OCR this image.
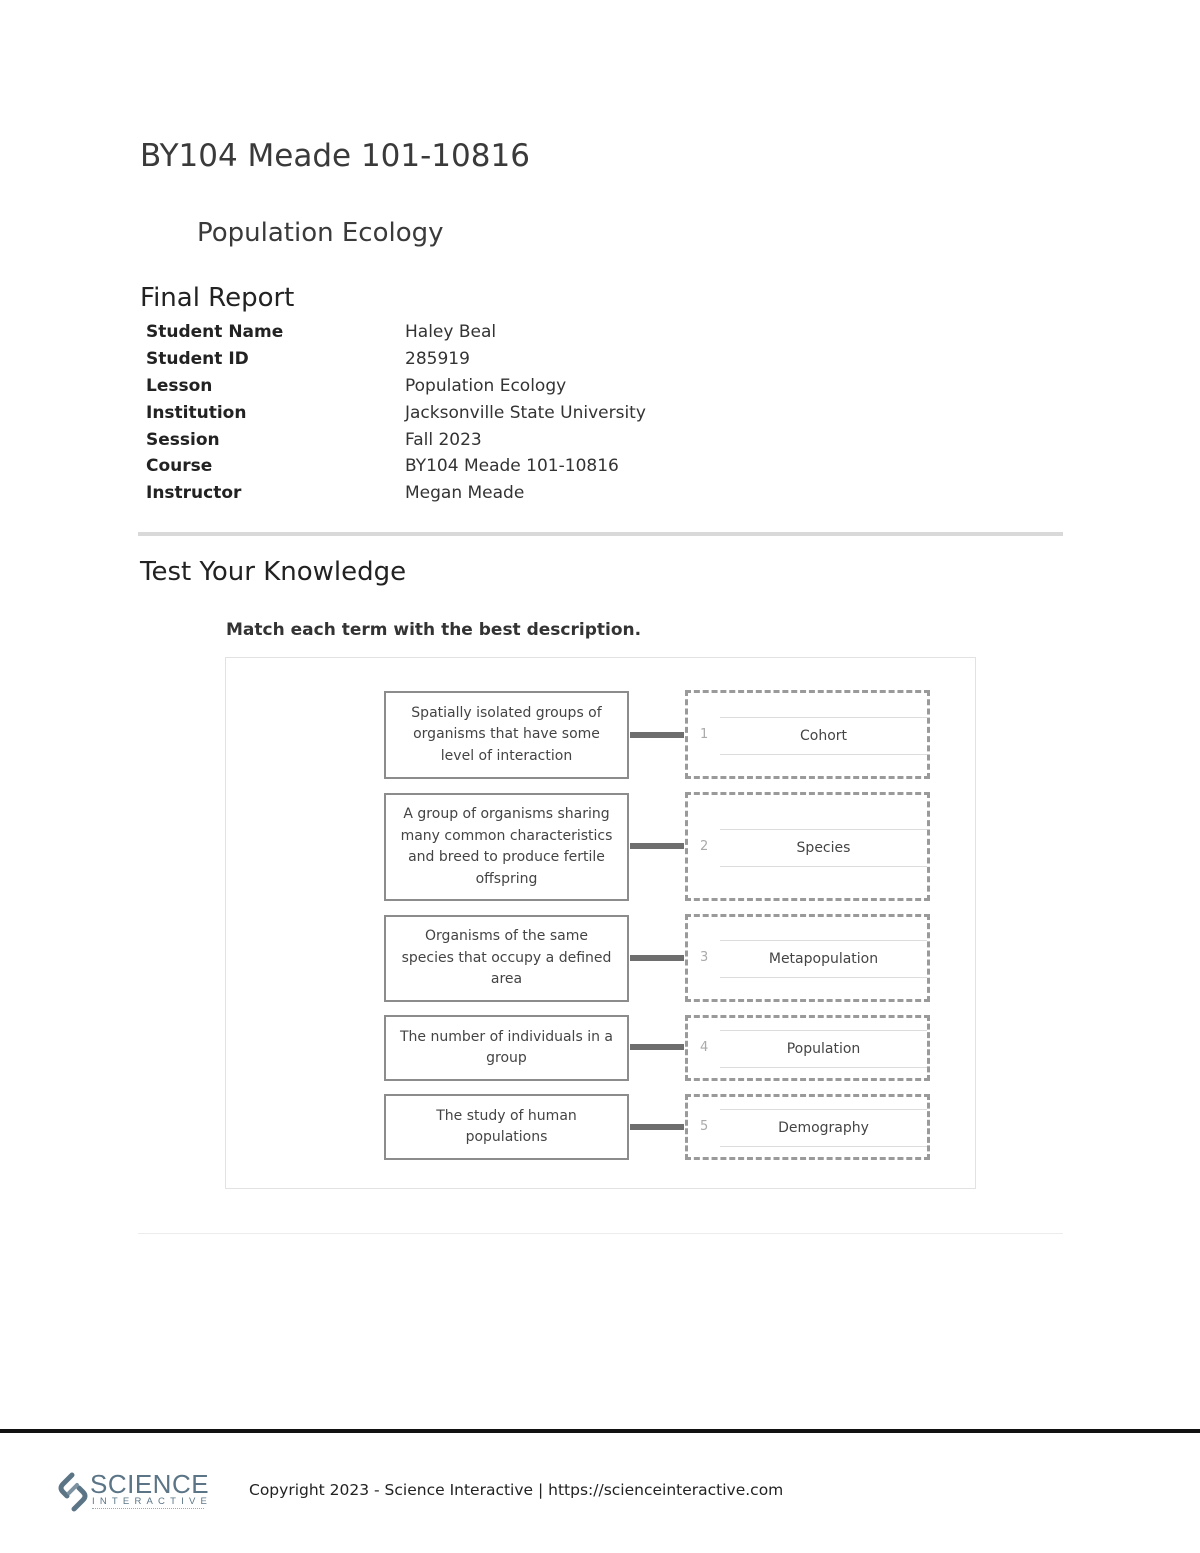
BY104 Meade 101-10816
Population Ecology
Final Report
Student Name	Haley Beal
Student ID	285919
Lesson	Population Ecology
Institution	Jacksonville State University
Session	Fall 2023
Course	BY104 Meade 101-10816
Instructor	Megan Meade
Test Your Knowledge

Match each term with the best description.

Spatially isolated groups of organisms that have some level of interaction
1	Cohort
A group of organisms sharing many common characteristics and breed to produce fertile offspring
2	Species
Organisms of the same species that occupy a defined area
3	Metapopulation
The number of individuals in a group
4	Population
The study of human populations
5	Demography
SCIENCE
INTERACTIVE
Copyright 2023 - Science Interactive | https://scienceinteractive.com
